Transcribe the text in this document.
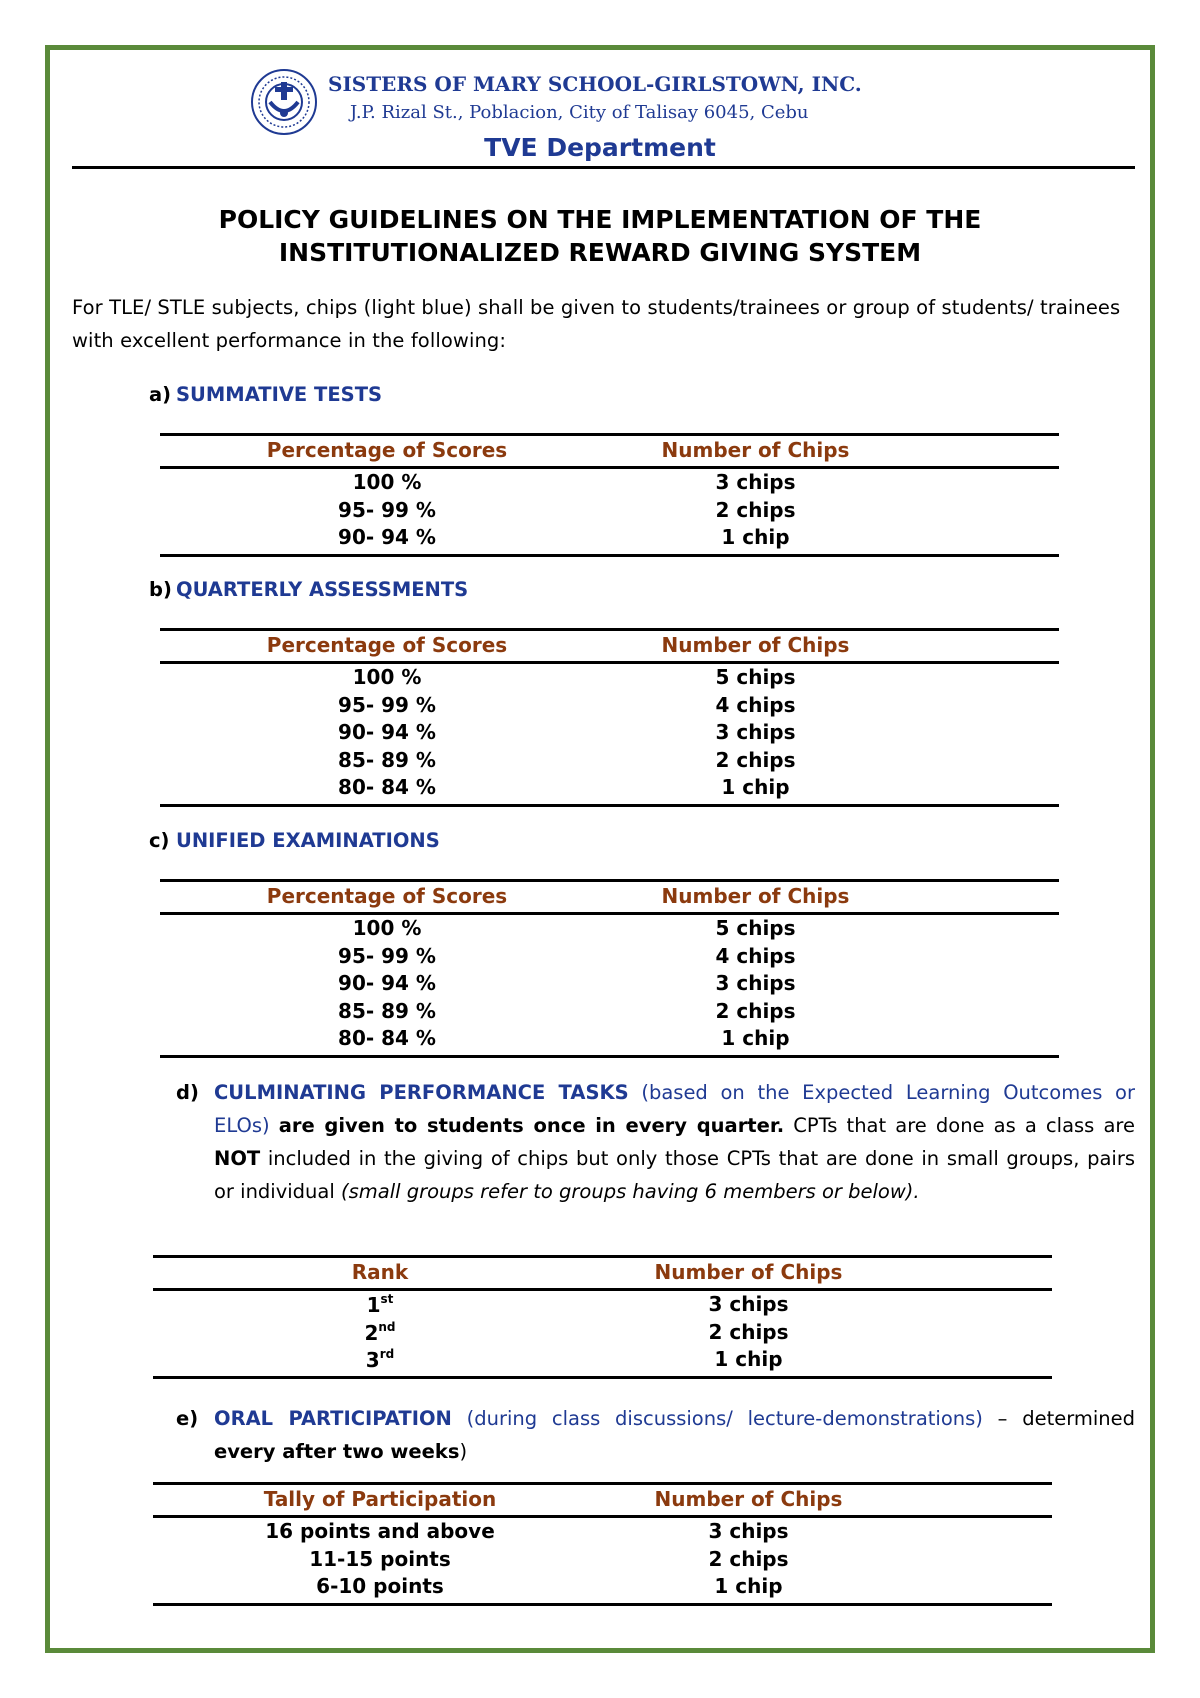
SISTERS OF MARY SCHOOL-GIRLSTOWN, INC.
J.P. Rizal St., Poblacion, City of Talisay 6045, Cebu
TVE Department
POLICY GUIDELINES ON THE IMPLEMENTATION OF THE
INSTITUTIONALIZED REWARD GIVING SYSTEM
For TLE/ STLE subjects, chips (light blue) shall be given to students/trainees or group of students/ trainees with excellent performance in the following:
a) SUMMATIVE TESTS
Percentage of Scores	Number of Chips
100 %	3 chips
95- 99 %	2 chips
90- 94 %	1 chip
b) QUARTERLY ASSESSMENTS
Percentage of Scores	Number of Chips
100 %	5 chips
95- 99 %	4 chips
90- 94 %	3 chips
85- 89 %	2 chips
80- 84 %	1 chip
c) UNIFIED EXAMINATIONS
Percentage of Scores	Number of Chips
100 %	5 chips
95- 99 %	4 chips
90- 94 %	3 chips
85- 89 %	2 chips
80- 84 %	1 chip
d) CULMINATING PERFORMANCE TASKS (based on the Expected Learning Outcomes or ELOs) are given to students once in every quarter. CPTs that are done as a class are NOT included in the giving of chips but only those CPTs that are done in small groups, pairs or individual (small groups refer to groups having 6 members or below).
Rank	Number of Chips
1st	3 chips
2nd	2 chips
3rd	1 chip
e) ORAL PARTICIPATION (during class discussions/ lecture-demonstrations) – determined every after two weeks)
Tally of Participation	Number of Chips
16 points and above	3 chips
11-15 points	2 chips
6-10 points	1 chip
